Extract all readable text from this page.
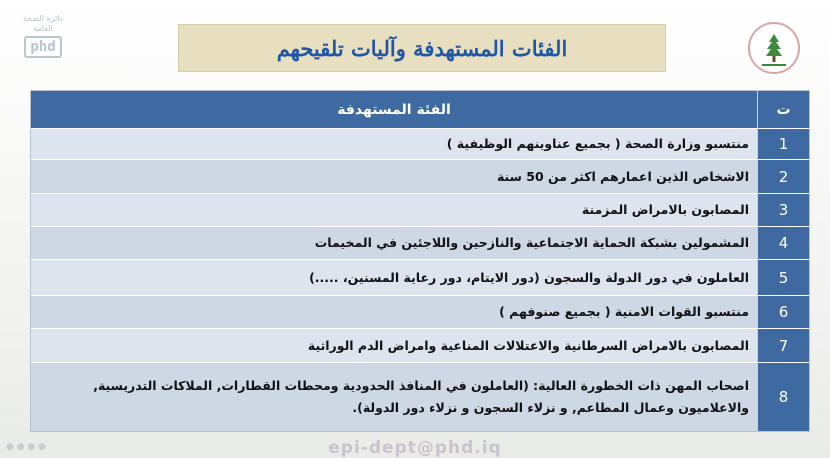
دائرة الصحة العامة
phd	الفئات المستهدفة وآليات تلقيحهم
ت
الفئة المستهدفة
1
منتسبو وزارة الصحة ( بجميع عناوينهم الوظيفية )
2
الاشخاص الذين اعمارهم اكثر من 50 سنة
3
المصابون بالامراض المزمنة
4
المشمولين بشبكة الحماية الاجتماعية والنازحين واللاجئين في المخيمات
5
العاملون في دور الدولة والسجون (دور الايتام، دور رعاية المسنين، .....)
6
منتسبو القوات الامنية ( بجميع صنوفهم )
7
المصابون بالامراض السرطانية والاعتلالات المناعية وامراض الدم الوراثية
8
اصحاب المهن ذات الخطورة العالية: (العاملون في المنافذ الحدودية ومحطات القطارات, الملاكات التدريسية, والاعلاميون وعمال المطاعم, و نزلاء السجون و نزلاء دور الدولة).
● ● ● ●	epi-dept@phd.iq
